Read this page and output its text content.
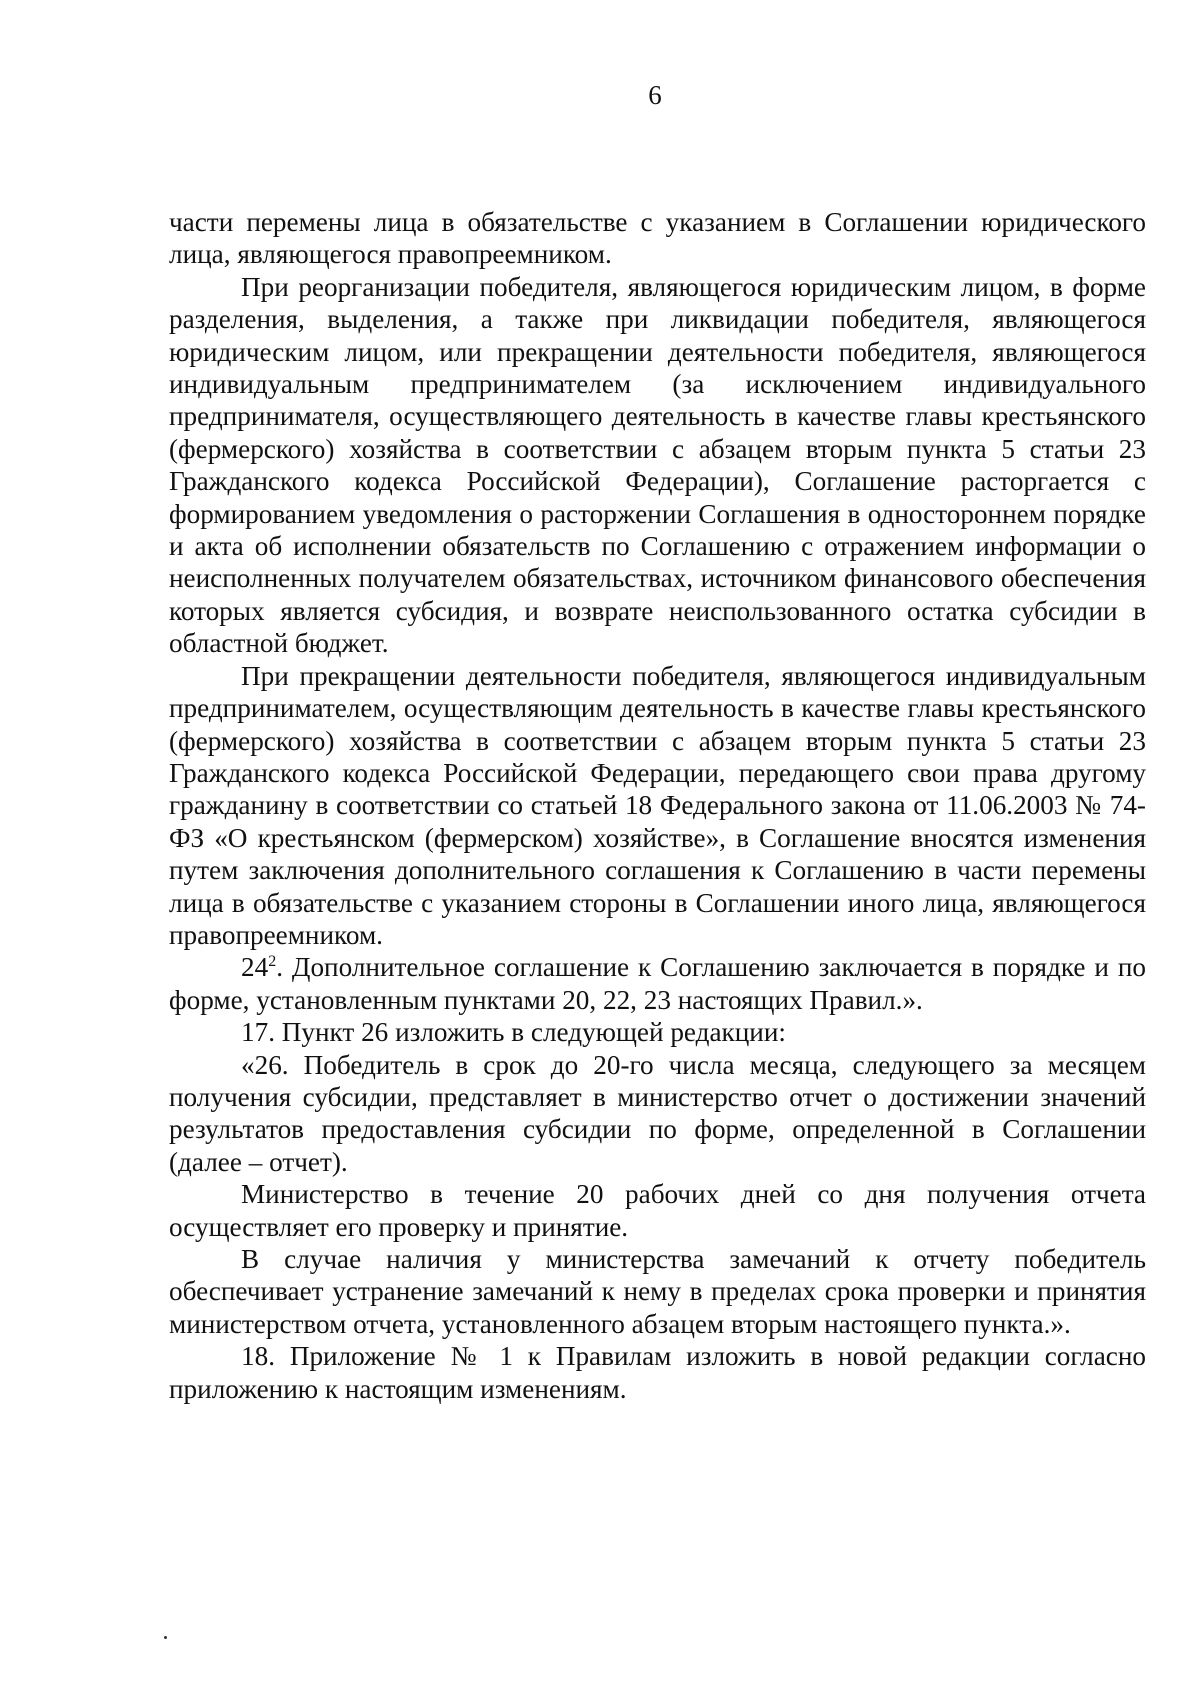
6

части перемены лица в обязательстве с указанием в Соглашении юридического лица, являющегося правопреемником.

При реорганизации победителя, являющегося юридическим лицом, в форме разделения, выделения, а также при ликвидации победителя, являющегося юридическим лицом, или прекращении деятельности победителя, являющегося индивидуальным предпринимателем (за исключением индивидуального предпринимателя, осуществляющего деятельность в качестве главы крестьянского (фермерского) хозяйства в соответствии с абзацем вторым пункта 5 статьи 23 Гражданского кодекса Российской Федерации), Соглашение расторгается с формированием уведомления о расторжении Соглашения в одностороннем порядке и акта об исполнении обязательств по Соглашению с отражением информации о неисполненных получателем обязательствах, источником финансового обеспечения которых является субсидия, и возврате неиспользованного остатка субсидии в областной бюджет.

При прекращении деятельности победителя, являющегося индивидуальным предпринимателем, осуществляющим деятельность в качестве главы крестьянского (фермерского) хозяйства в соответствии с абзацем вторым пункта 5 статьи 23 Гражданского кодекса Российской Федерации, передающего свои права другому гражданину в соответствии со статьей 18 Федерального закона от 11.06.2003 № 74-ФЗ «О крестьянском (фермерском) хозяйстве», в Соглашение вносятся изменения путем заключения дополнительного соглашения к Соглашению в части перемены лица в обязательстве с указанием стороны в Соглашении иного лица, являющегося правопреемником.

$24^2$. Дополнительное соглашение к Соглашению заключается в порядке и по форме, установленным пунктами 20, 22, 23 настоящих Правил.».

17. Пункт 26 изложить в следующей редакции:

«26. Победитель в срок до 20-го числа месяца, следующего за месяцем получения субсидии, представляет в министерство отчет о достижении значений результатов предоставления субсидии по форме, определенной в Соглашении (далее – отчет).

Министерство в течение 20 рабочих дней со дня получения отчета осуществляет его проверку и принятие.

В случае наличия у министерства замечаний к отчету победитель обеспечивает устранение замечаний к нему в пределах срока проверки и принятия министерством отчета, установленного абзацем вторым настоящего пункта.».

18. Приложение № 1 к Правилам изложить в новой редакции согласно приложению к настоящим изменениям.
